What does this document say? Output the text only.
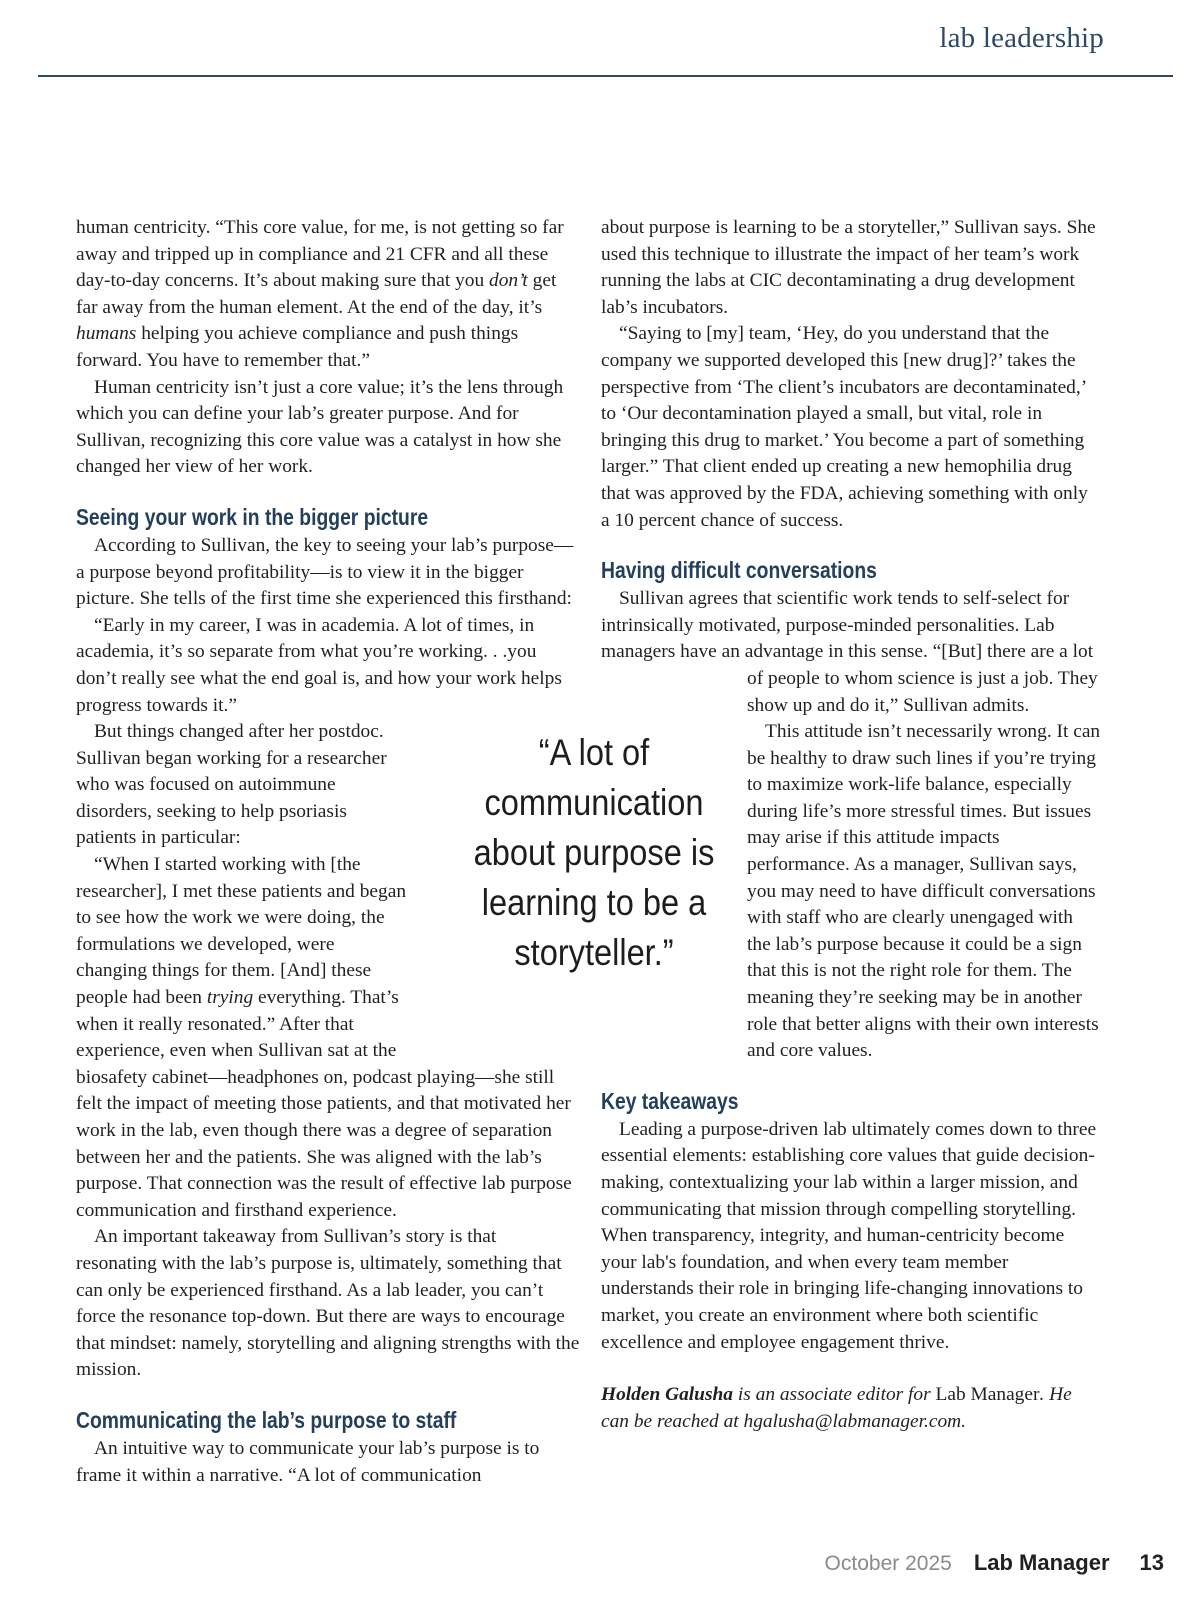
lab leadership

human centricity. “This core value, for me, is not getting so far away and tripped up in compliance and 21 CFR and all these day-to-day concerns. It’s about making sure that you don’t get far away from the human element. At the end of the day, it’s humans helping you achieve compliance and push things forward. You have to remember that.”

Human centricity isn’t just a core value; it’s the lens through which you can define your lab’s greater purpose. And for Sullivan, recognizing this core value was a catalyst in how she changed her view of her work.

Seeing your work in the bigger picture

According to Sullivan, the key to seeing your lab’s purpose—a purpose beyond profitability—is to view it in the bigger picture. She tells of the first time she experienced this firsthand:

“Early in my career, I was in academia. A lot of times, in academia, it’s so separate from what you’re working. . .you don’t really see what the end goal is, and how your work helps progress towards it.”

But things changed after her postdoc. Sullivan began working for a researcher who was focused on autoimmune disorders, seeking to help psoriasis patients in particular:

“When I started working with [the researcher], I met these patients and began to see how the work we were doing, the formulations we developed, were changing things for them. [And] these people had been trying everything. That’s when it really resonated.” After that experience, even when Sullivan sat at the biosafety cabinet—headphones on, podcast playing—she still felt the impact of meeting those patients, and that motivated her work in the lab, even though there was a degree of separation between her and the patients. She was aligned with the lab’s purpose. That connection was the result of effective lab purpose communication and firsthand experience.

An important takeaway from Sullivan’s story is that resonating with the lab’s purpose is, ultimately, something that can only be experienced firsthand. As a lab leader, you can’t force the resonance top-down. But there are ways to encourage that mindset: namely, storytelling and aligning strengths with the mission.

Communicating the lab’s purpose to staff

An intuitive way to communicate your lab’s purpose is to frame it within a narrative. “A lot of communication

about purpose is learning to be a storyteller,” Sullivan says. She used this technique to illustrate the impact of her team’s work running the labs at CIC decontaminating a drug development lab’s incubators.

“Saying to [my] team, ‘Hey, do you understand that the company we supported developed this [new drug]?’ takes the perspective from ‘The client’s incubators are decontaminated,’ to ‘Our decontamination played a small, but vital, role in bringing this drug to market.’ You become a part of something larger.” That client ended up creating a new hemophilia drug that was approved by the FDA, achieving something with only a 10 percent chance of success.

Having difficult conversations

Sullivan agrees that scientific work tends to self-select for intrinsically motivated, purpose-minded personalities. Lab managers have an advantage in this sense. “[But] there are a
lot of people to whom science is just a job. They show up and do it,” Sullivan admits.

This attitude isn’t necessarily wrong. It can be healthy to draw such lines if you’re trying to maximize work-life balance, especially during life’s more stressful times. But issues may arise if this attitude impacts performance. As a manager, Sullivan says, you may need to have difficult conversations with staff who are clearly unengaged with the lab’s purpose because it could be a sign that this is not the right role for them. The meaning they’re seeking may be in another role that better aligns with their own interests and core values.

Key takeaways

Leading a purpose-driven lab ultimately comes down to three essential elements: establishing core values that guide decision-making, contextualizing your lab within a larger mission, and communicating that mission through compelling storytelling. When transparency, integrity, and human-centricity become your lab's foundation, and when every team member understands their role in bringing life-changing innovations to market, you create an environment where both scientific excellence and employee engagement thrive.

Holden Galusha is an associate editor for Lab Manager. He can be reached at hgalusha@labmanager.com.

“A lot of communication about purpose is learning to be a storyteller.”
October 2025 Lab Manager 13
